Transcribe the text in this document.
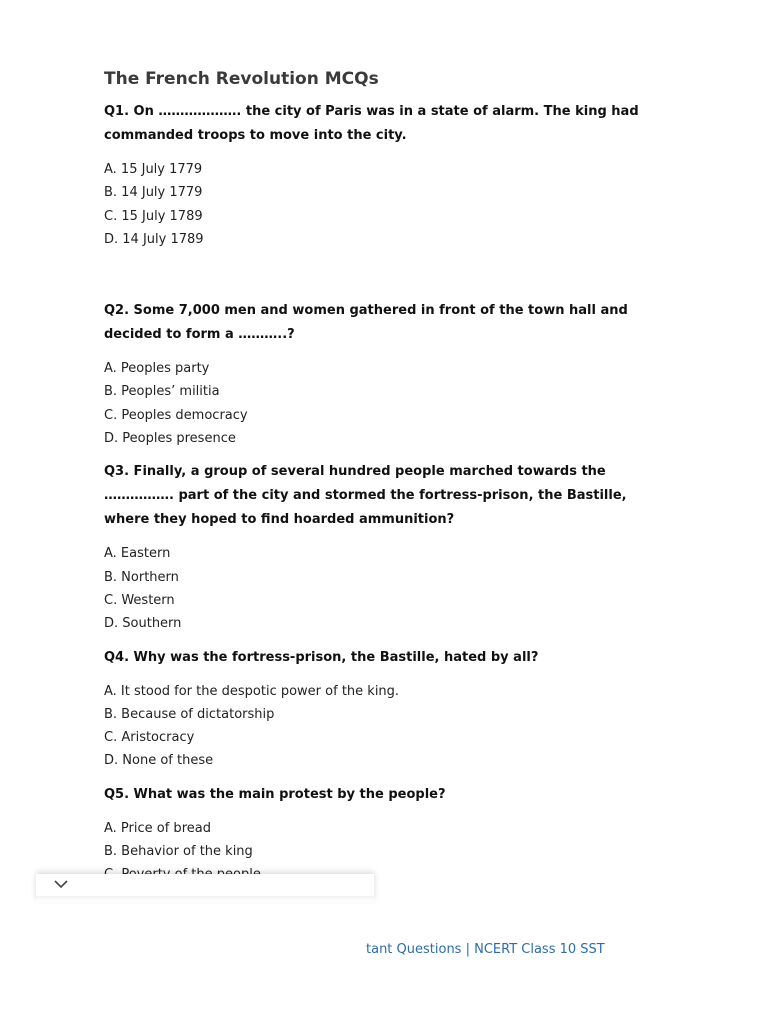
The French Revolution MCQs

Q1. On ………………. the city of Paris was in a state of alarm. The king had commanded troops to move into the city.

A. 15 July 1779
B. 14 July 1779
C. 15 July 1789
D. 14 July 1789

Q2. Some 7,000 men and women gathered in front of the town hall and decided to form a ………..?

A. Peoples party
B. Peoples’ militia
C. Peoples democracy
D. Peoples presence

Q3. Finally, a group of several hundred people marched towards the ……………. part of the city and stormed the fortress-prison, the Bastille, where they hoped to find hoarded ammunition?

A. Eastern
B. Northern
C. Western
D. Southern

Q4. Why was the fortress-prison, the Bastille, hated by all?

A. It stood for the despotic power of the king.
B. Because of dictatorship
C. Aristocracy
D. None of these

Q5. What was the main protest by the people?

A. Price of bread
B. Behavior of the king
tant Questions | NCERT Class 10 SST
